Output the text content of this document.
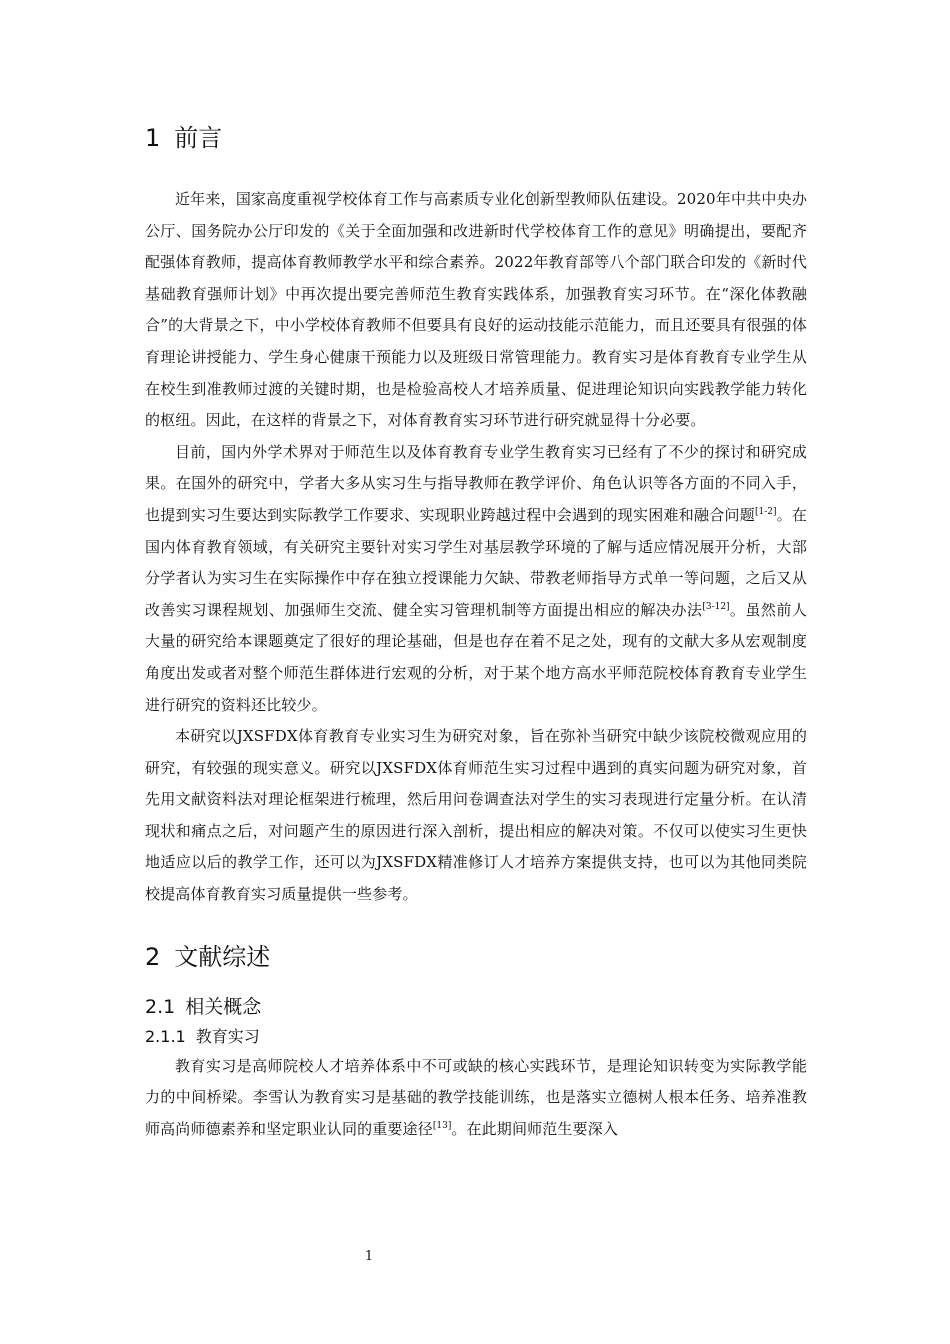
1 前言

近年来，国家高度重视学校体育工作与高素质专业化创新型教师队伍建设。2020年中共中央办公厅、国务院办公厅印发的《关于全面加强和改进新时代学校体育工作的意见》明确提出，要配齐配强体育教师，提高体育教师教学水平和综合素养。2022年教育部等八个部门联合印发的《新时代基础教育强师计划》中再次提出要完善师范生教育实践体系，加强教育实习环节。在“深化体教融合”的大背景之下，中小学校体育教师不但要具有良好的运动技能示范能力，而且还要具有很强的体育理论讲授能力、学生身心健康干预能力以及班级日常管理能力。教育实习是体育教育专业学生从在校生到准教师过渡的关键时期，也是检验高校人才培养质量、促进理论知识向实践教学能力转化的枢纽。因此，在这样的背景之下，对体育教育实习环节进行研究就显得十分必要。

目前，国内外学术界对于师范生以及体育教育专业学生教育实习已经有了不少的探讨和研究成果。在国外的研究中，学者大多从实习生与指导教师在教学评价、角色认识等各方面的不同入手，也提到实习生要达到实际教学工作要求、实现职业跨越过程中会遇到的现实困难和融合问题[1-2]。在国内体育教育领域，有关研究主要针对实习学生对基层教学环境的了解与适应情况展开分析，大部分学者认为实习生在实际操作中存在独立授课能力欠缺、带教老师指导方式单一等问题，之后又从改善实习课程规划、加强师生交流、健全实习管理机制等方面提出相应的解决办法[3-12]。虽然前人大量的研究给本课题奠定了很好的理论基础，但是也存在着不足之处，现有的文献大多从宏观制度角度出发或者对整个师范生群体进行宏观的分析，对于某个地方高水平师范院校体育教育专业学生进行研究的资料还比较少。

本研究以JXSFDX体育教育专业实习生为研究对象，旨在弥补当研究中缺少该院校微观应用的研究，有较强的现实意义。研究以JXSFDX体育师范生实习过程中遇到的真实问题为研究对象，首先用文献资料法对理论框架进行梳理，然后用问卷调查法对学生的实习表现进行定量分析。在认清现状和痛点之后，对问题产生的原因进行深入剖析，提出相应的解决对策。不仅可以使实习生更快地适应以后的教学工作，还可以为JXSFDX精准修订人才培养方案提供支持，也可以为其他同类院校提高体育教育实习质量提供一些参考。

2 文献综述
2.1 相关概念
2.1.1 教育实习

教育实习是高师院校人才培养体系中不可或缺的核心实践环节，是理论知识转变为实际教学能力的中间桥梁。李雪认为教育实习是基础的教学技能训练，也是落实立德树人根本任务、培养准教师高尚师德素养和坚定职业认同的重要途径[13]。在此期间师范生要深入

1
